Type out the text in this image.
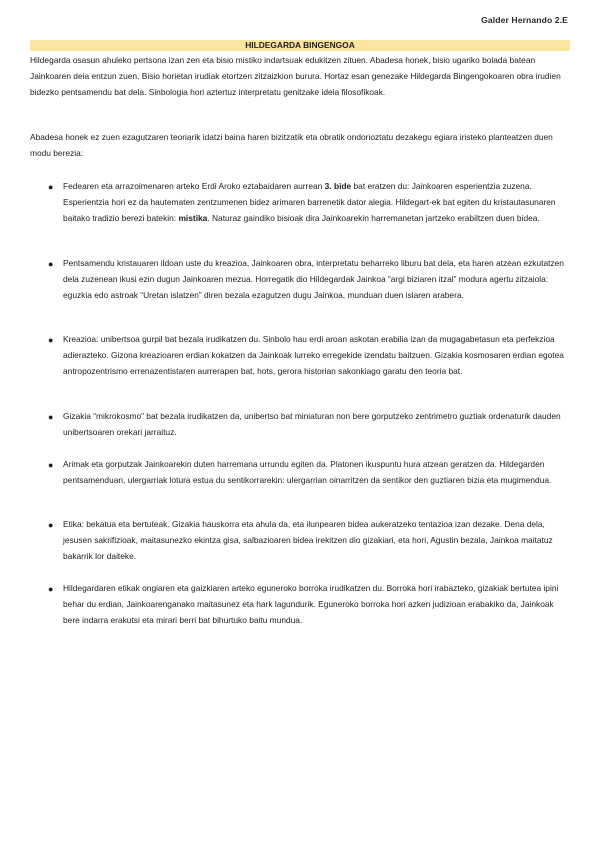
Galder Hernando 2.E
HILDEGARDA BINGENGOA

Hildegarda osasun ahuleko pertsona izan zen eta bisio mistiko indartsuak edukitzen zituen. Abadesa honek, bisio ugariko bolada batean Jainkoaren deia entzun zuen. Bisio horietan irudiak etortzen zitzaizkion burura. Hortaz esan genezake Hildegarda Bingengokoaren obra irudien bidezko pentsamendu bat dela. Sinbologia hori aztertuz interpretatu genitzake ideia filosofikoak.

Abadesa honek ez zuen ezagutzaren teoriarik idatzi baina haren bizitzatik eta obratik ondorioztatu dezakegu egiara iristeko planteatzen duen modu berezia:

● Fedearen eta arrazoimenaren arteko Erdi Aroko eztabaidaren aurrean 3. bide bat eratzen du: Jainkoaren esperientzia zuzena. Esperientzia hori ez da hautematen zentzumenen bidez arimaren barrenetik dator alegia. Hildegart-ek bat egiten du kristautasunaren baitako tradizio berezi batekin: mistika. Naturaz gaindiko bisioak dira Jainkoarekin harremanetan jartzeko erabiltzen duen bidea.
● Pentsamendu kristauaren ildoan uste du kreazioa, Jainkoaren obra, interpretatu beharreko liburu bat dela, eta haren atzean ezkutatzen dela zuzenean ikusi ezin dugun Jainkoaren mezua. Horregatik dio Hildegardak Jainkoa “argi biziaren itzal” modura agertu zitzaiola: eguzkia edo astroak “Uretan islatzen” diren bezala ezagutzen dugu Jainkoa, munduan duen islaren arabera.
● Kreazioa: unibertsoa gurpil bat bezala irudikatzen du. Sinbolo hau erdi aroan askotan erabilia izan da mugagabetasun eta perfekzioa adierazteko. Gizona kreazioaren erdian kokatzen da Jainkoak lurreko erregekide izendatu baitzuen. Gizakia kosmosaren erdian egotea antropozentrismo errenazentistaren aurrerapen bat, hots, gerora historian sakonkiago garatu den teoria bat.
● Gizakia “mikrokosmo” bat bezala irudikatzen da, unibertso bat miniaturan non bere gorputzeko zentrimetro guztiak ordenaturik dauden unibertsoaren orekari jarraituz.
● Arimak eta gorputzak Jainkoarekin duten harremana urrundu egiten da. Platonen ikuspuntu hura atzean geratzen da. Hildegarden pentsamenduan, ulergarriak lotura estua du sentikorrarekin: ulergarrian oinarritzen da sentikor den guztiaren bizia eta mugimendua.
● Etika: bekatua eta bertuteak. Gizakia hauskorra eta ahula da, eta ilunpearen bidea aukeratzeko tentazioa izan dezake. Dena dela, jesusen sakrifizioak, maitasunezko ekintza gisa, salbazioaren bidea irekitzen dio gizakiari, eta hori, Agustin bezala, Jainkoa maitatuz bakarrik lor daiteke.
● Hildegardaren etikak ongiaren eta gaizkiaren arteko eguneroko borroka irudikatzen du. Borroka hori irabazteko, gizakiak bertutea ipini behar du erdian, Jainkoarenganako maitasunez eta hark lagundurik. Eguneroko borroka hori azken judizioan erabakiko da, Jainkoak bere indarra erakutsi eta mirari berri bat bihurtuko baitu mundua.
